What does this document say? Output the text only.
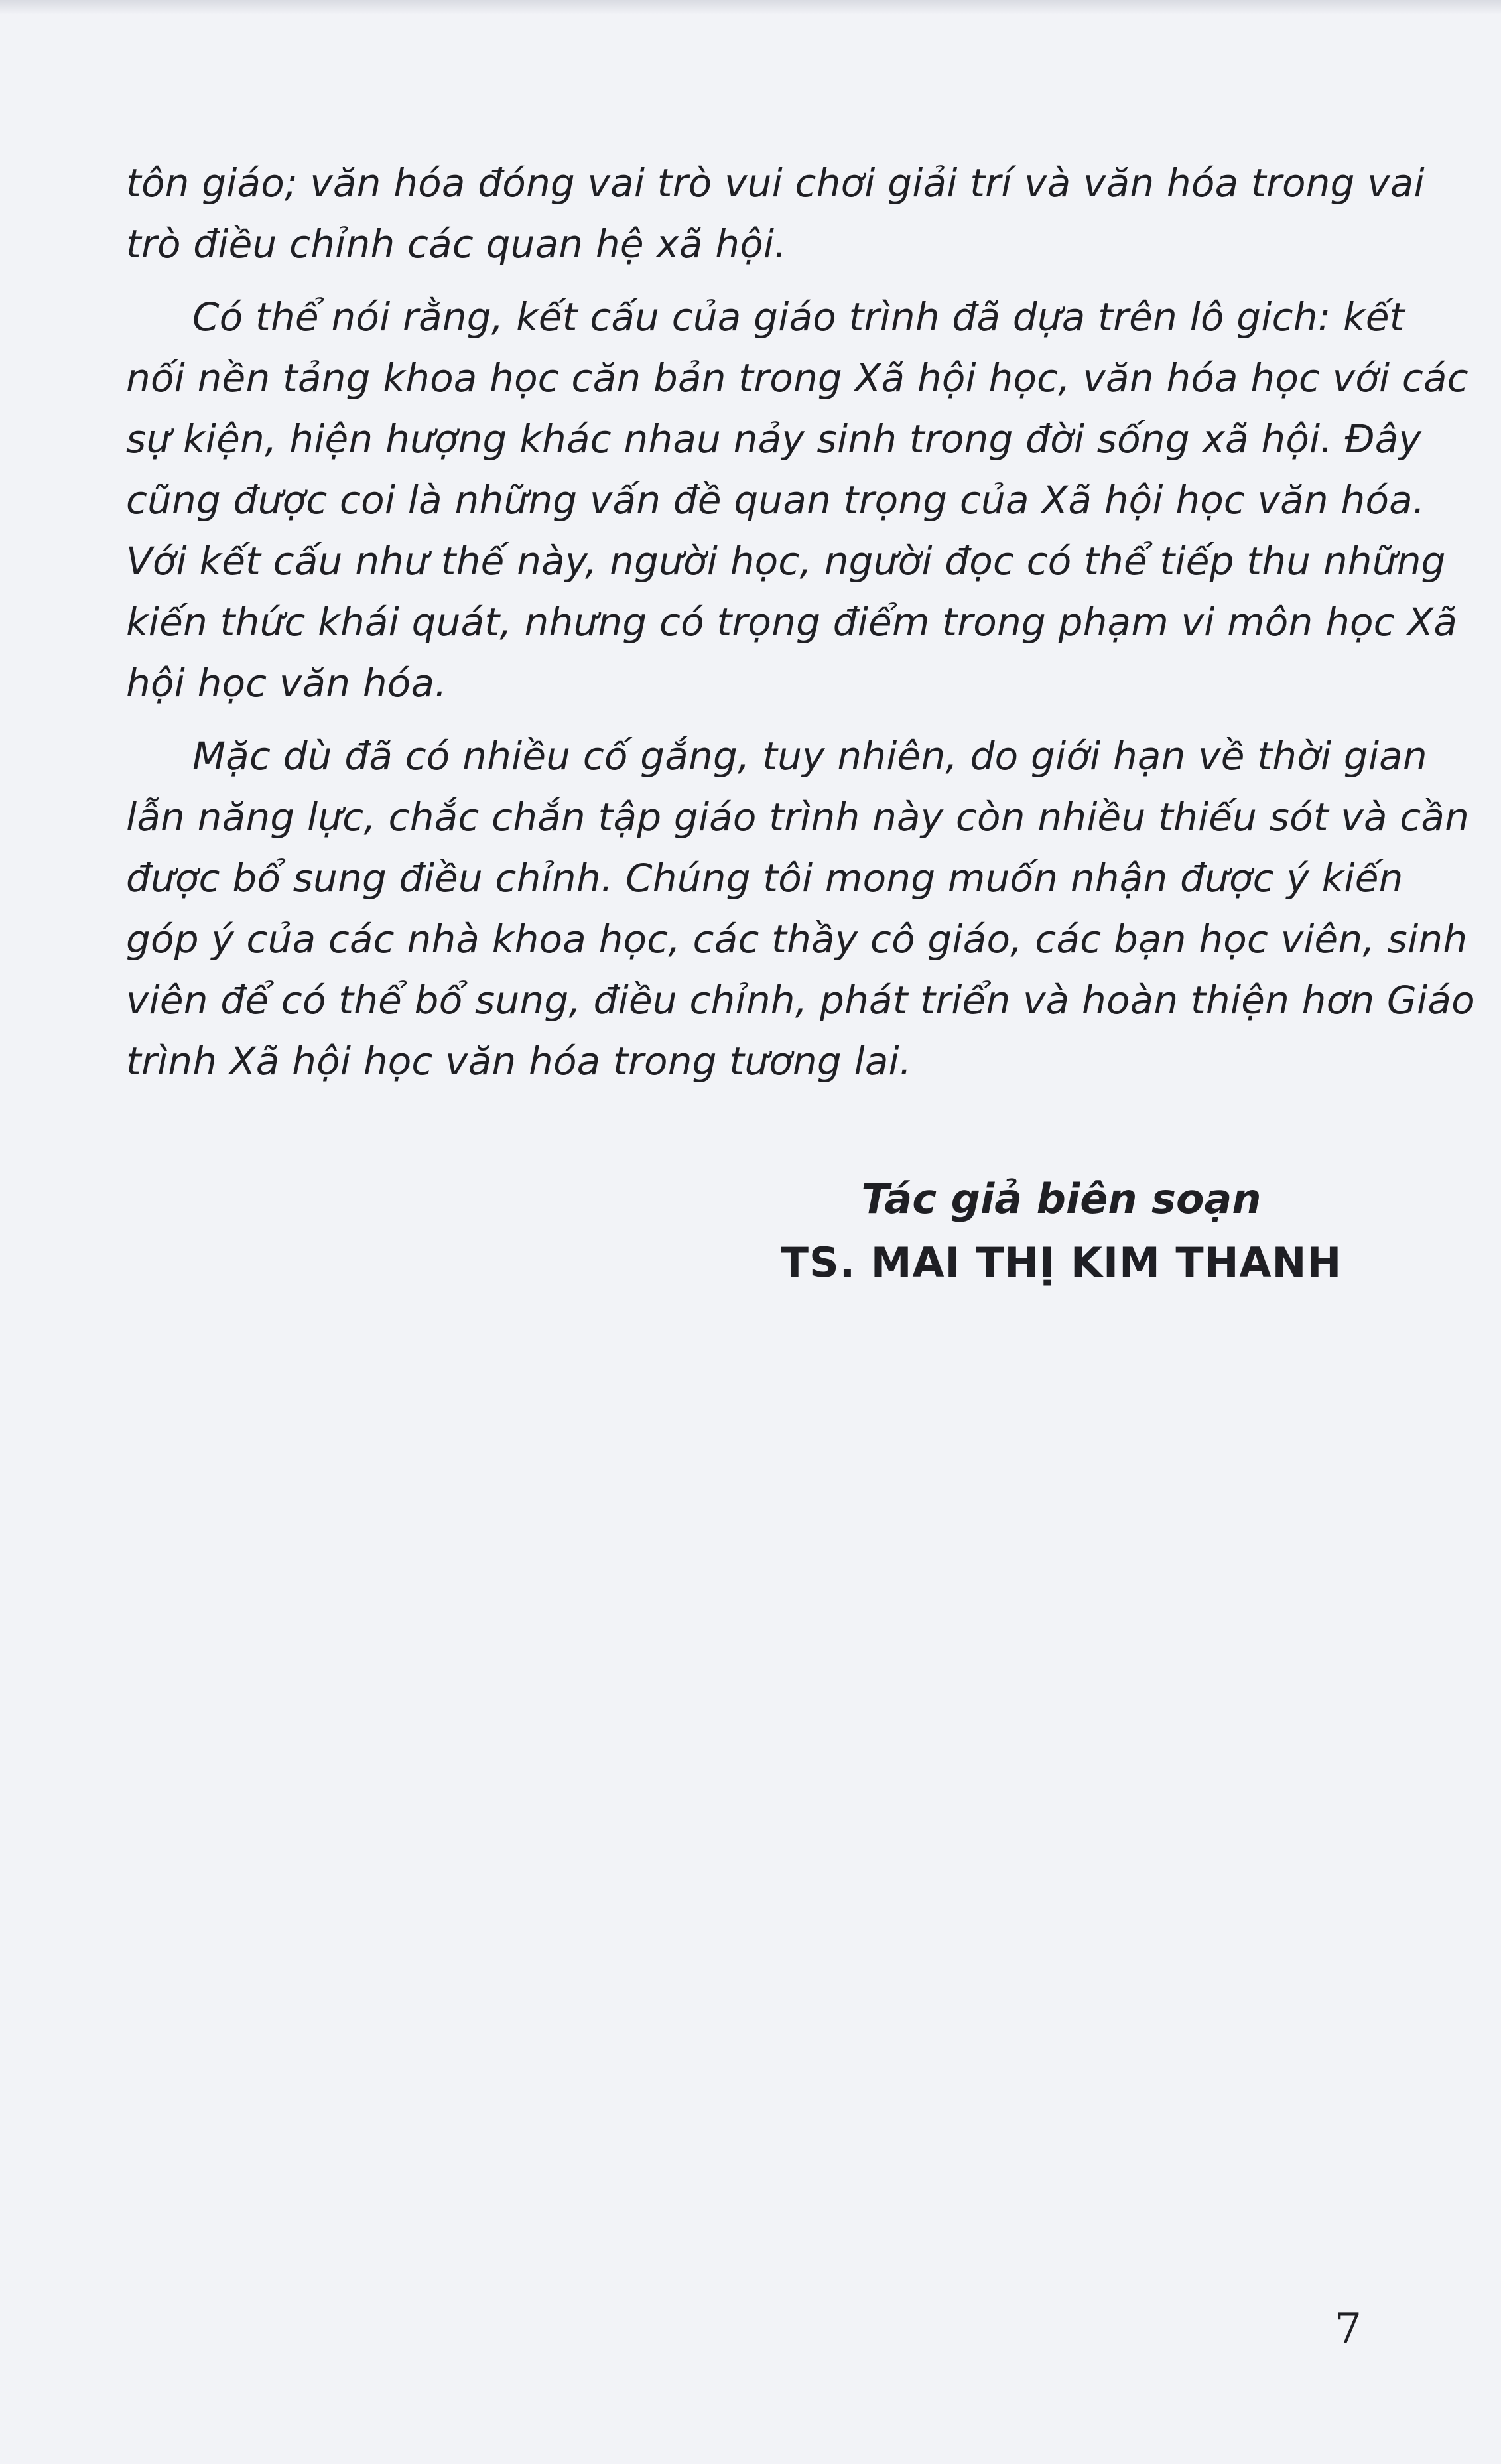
tôn giáo; văn hóa đóng vai trò vui chơi giải trí và văn hóa trong vai
trò điều chỉnh các quan hệ xã hội.
Có thể nói rằng, kết cấu của giáo trình đã dựa trên lô gich: kết
nối nền tảng khoa học căn bản trong Xã hội học, văn hóa học với các
sự kiện, hiện hượng khác nhau nảy sinh trong đời sống xã hội. Đây
cũng được coi là những vấn đề quan trọng của Xã hội học văn hóa.
Với kết cấu như thế này, người học, người đọc có thể tiếp thu những
kiến thức khái quát, nhưng có trọng điểm trong phạm vi môn học Xã
hội học văn hóa.
Mặc dù đã có nhiều cố gắng, tuy nhiên, do giới hạn về thời gian
lẫn năng lực, chắc chắn tập giáo trình này còn nhiều thiếu sót và cần
được bổ sung điều chỉnh. Chúng tôi mong muốn nhận được ý kiến
góp ý của các nhà khoa học, các thầy cô giáo, các bạn học viên, sinh
viên để có thể bổ sung, điều chỉnh, phát triển và hoàn thiện hơn Giáo
trình Xã hội học văn hóa trong tương lai.
Tác giả biên soạn
TS. MAI THỊ KIM THANH
7
